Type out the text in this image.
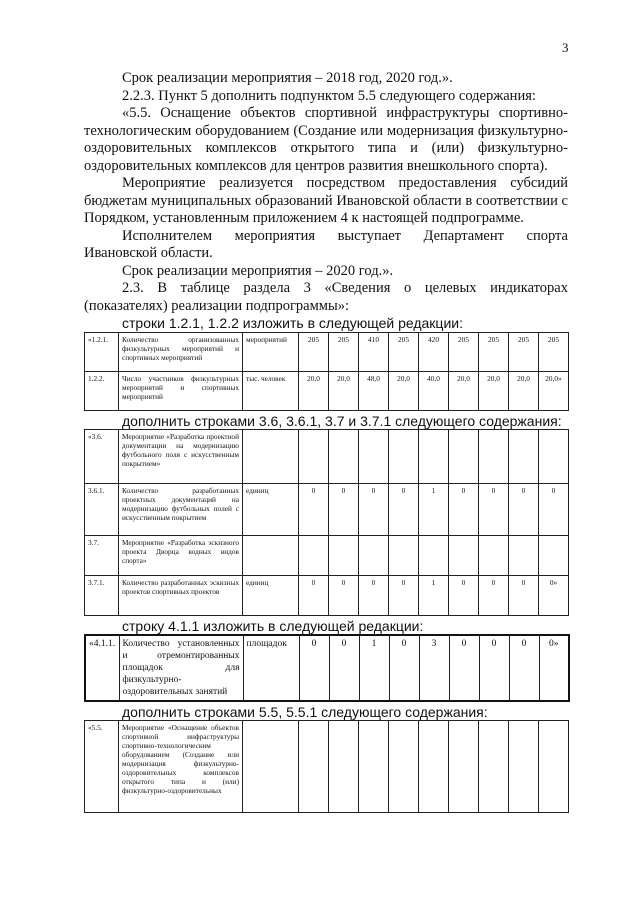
3

Срок реализации мероприятия – 2018 год, 2020 год.».

2.2.3. Пункт 5 дополнить подпунктом 5.5 следующего содержания:

«5.5. Оснащение объектов спортивной инфраструктуры спортивно-технологическим оборудованием (Создание или модернизация физкультурно-оздоровительных комплексов открытого типа и (или) физкультурно-оздоровительных комплексов для центров развития внешкольного спорта).

Мероприятие реализуется посредством предоставления субсидий бюджетам муниципальных образований Ивановской области в соответствии с Порядком, установленным приложением 4 к настоящей подпрограмме.

Исполнителем мероприятия выступает Департамент спорта Ивановской области.

Срок реализации мероприятия – 2020 год.».

2.3. В таблице раздела 3 «Сведения о целевых индикаторах (показателях) реализации подпрограммы»:

строки 1.2.1, 1.2.2 изложить в следующей редакции:

«1.2.1.	Количество организованных физкультурных мероприятий и спортивных мероприятий	мероприятий	205	205	410	205	420	205	205	205	205
1.2.2.	Число участников физкультурных мероприятий и спортивных мероприятий	тыс. человек	20,0	20,0	48,0	20,0	40,0	20,0	20,0	20,0	20,0»
дополнить строками 3.6, 3.6.1, 3.7 и 3.7.1 следующего содержания:
«3.6.	Мероприятие «Разработка проектной документации на модернизацию футбольного поля с искусственным покрытием»										
3.6.1.	Количество разработанных проектных документаций на модернизацию футбольных полей с искусственным покрытием	единиц	0	0	0	0	1	0	0	0	0
3.7.	Мероприятие «Разработка эскизного проекта Дворца водных видов спорта»										
3.7.1.	Количество разработанных эскизных проектов спортивных проектов	единиц	0	0	0	0	1	0	0	0	0»
строку 4.1.1 изложить в следующей редакции:
«4.1.1.	Количество установленных и отремонтированных площадок для физкультурно-оздоровительных занятий	площадок	0	0	1	0	3	0	0	0	0»
дополнить строками 5.5, 5.5.1 следующего содержания:
«5.5.	Мероприятие «Оснащение объектов спортивной инфраструктуры спортивно-технологическим оборудованием (Создание или модернизация физкультурно-оздоровительных комплексов открытого типа и (или) физкультурно-оздоровительных										
